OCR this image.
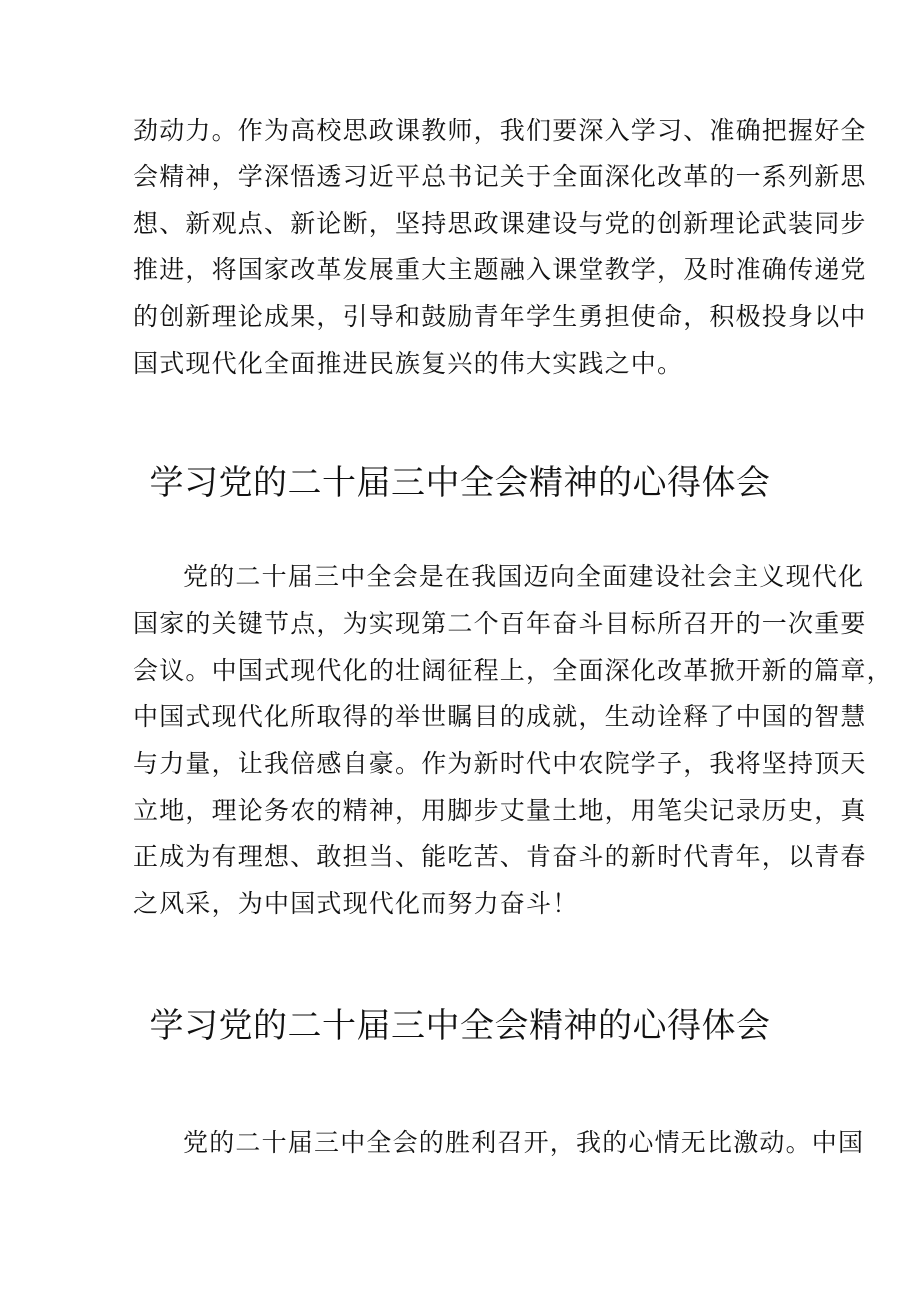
劲动力。作为高校思政课教师，我们要深入学习、准确把握好全
会精神，学深悟透习近平总书记关于全面深化改革的一系列新思
想、新观点、新论断，坚持思政课建设与党的创新理论武装同步
推进，将国家改革发展重大主题融入课堂教学，及时准确传递党
的创新理论成果，引导和鼓励青年学生勇担使命，积极投身以中
国式现代化全面推进民族复兴的伟大实践之中。
学习党的二十届三中全会精神的心得体会
党的二十届三中全会是在我国迈向全面建设社会主义现代化
国家的关键节点，为实现第二个百年奋斗目标所召开的一次重要
会议。中国式现代化的壮阔征程上，全面深化改革掀开新的篇章，
中国式现代化所取得的举世瞩目的成就，生动诠释了中国的智慧
与力量，让我倍感自豪。作为新时代中农院学子，我将坚持顶天
立地，理论务农的精神，用脚步丈量土地，用笔尖记录历史，真
正成为有理想、敢担当、能吃苦、肯奋斗的新时代青年，以青春
之风采，为中国式现代化而努力奋斗！
学习党的二十届三中全会精神的心得体会
党的二十届三中全会的胜利召开，我的心情无比激动。中国
